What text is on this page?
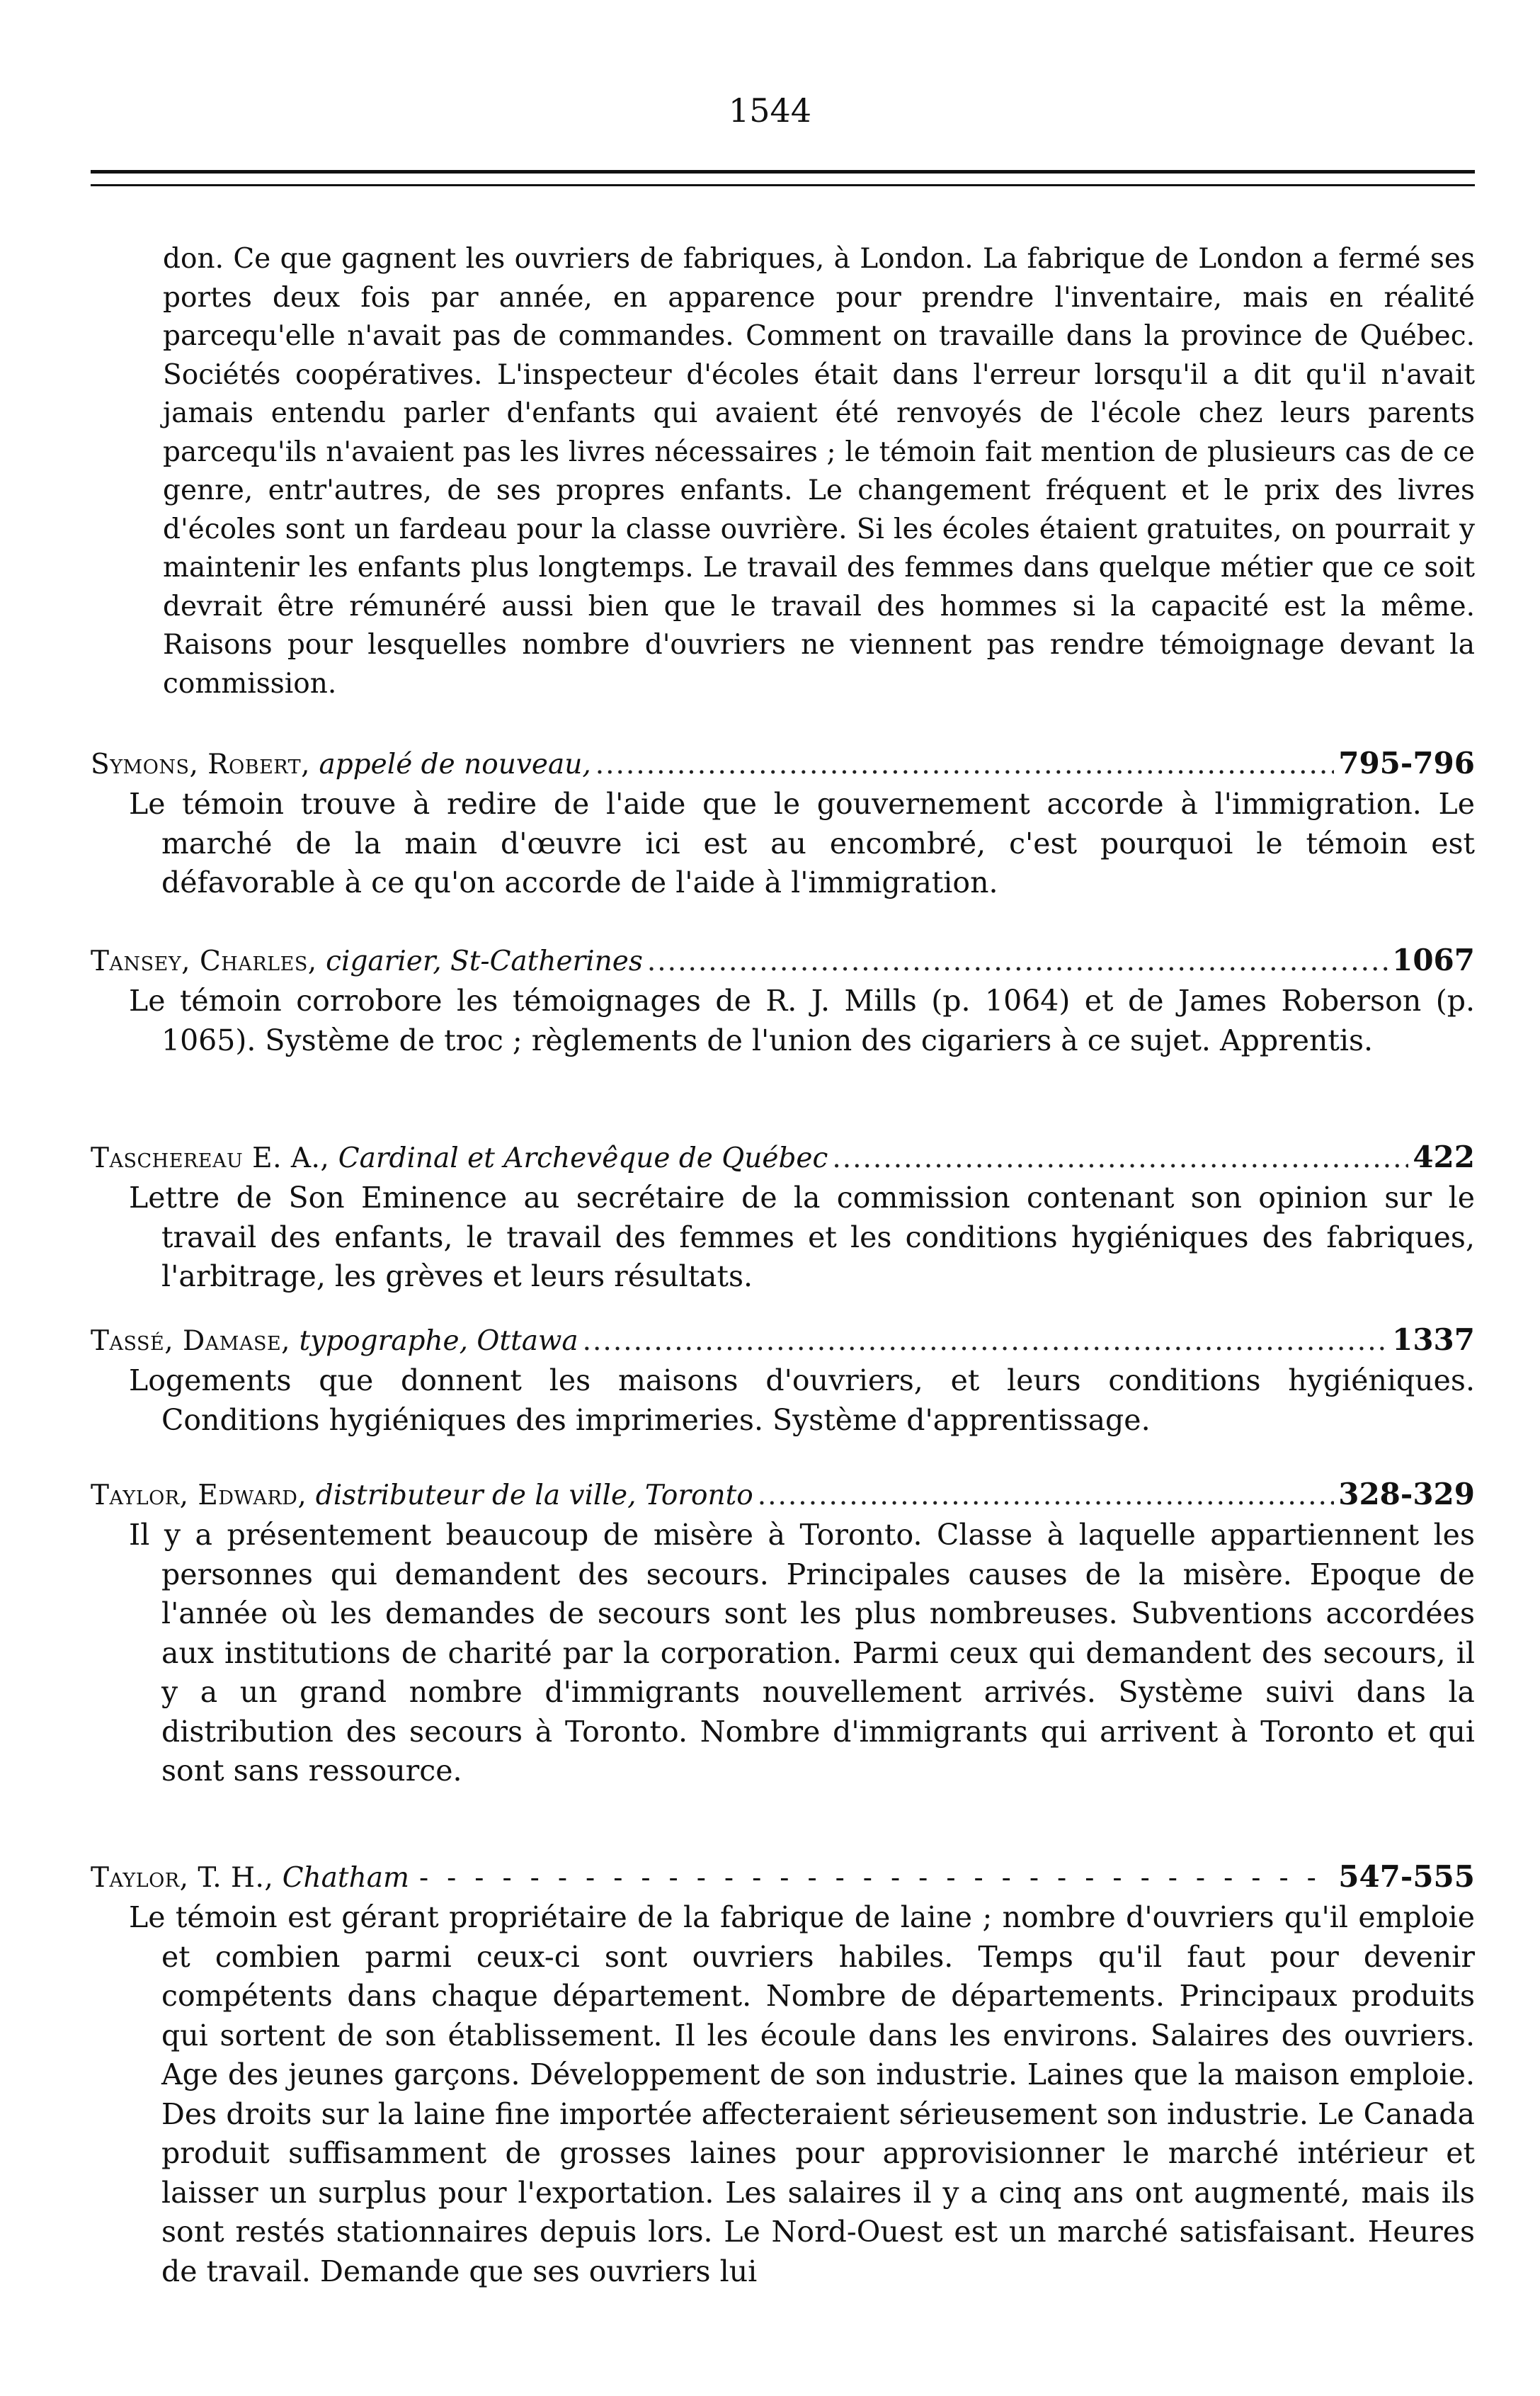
1544

don. Ce que gagnent les ouvriers de fabriques, à London. La fabrique de London a fermé ses portes deux fois par année, en apparence pour prendre l'inventaire, mais en réalité parcequ'elle n'avait pas de commandes. Comment on travaille dans la province de Québec. Sociétés coopératives. L'inspecteur d'écoles était dans l'erreur lorsqu'il a dit qu'il n'avait jamais entendu parler d'enfants qui avaient été renvoyés de l'école chez leurs parents parcequ'ils n'avaient pas les livres nécessaires ; le témoin fait mention de plusieurs cas de ce genre, entr'autres, de ses propres enfants. Le changement fréquent et le prix des livres d'écoles sont un fardeau pour la classe ouvrière. Si les écoles étaient gratuites, on pourrait y maintenir les enfants plus longtemps. Le travail des femmes dans quelque métier que ce soit devrait être rémunéré aussi bien que le travail des hommes si la capacité est la même. Raisons pour lesquelles nombre d'ouvriers ne viennent pas rendre témoignage devant la commission.

Symons, Robert,
appelé de nouveau, .....	795-796
Le témoin trouve à redire de l'aide que le gouvernement accorde à l'immigration. Le marché de la main d'œuvre ici est au encombré, c'est pourquoi le témoin est défavorable à ce qu'on accorde de l'aide à l'immigration.
Tansey, Charles,
cigarier, St-Catherines .....	1067
Le témoin corrobore les témoignages de R. J. Mills (p. 1064) et de James Roberson (p. 1065). Système de troc ; règlements de l'union des cigariers à ce sujet. Apprentis.
Taschereau E. A.,
Cardinal et Archevêque de Québec .....	422
Lettre de Son Eminence au secrétaire de la commission contenant son opinion sur le travail des enfants, le travail des femmes et les conditions hygiéniques des fabriques, l'arbitrage, les grèves et leurs résultats.
Tassé, Damase,
typographe, Ottawa .....	1337
Logements que donnent les maisons d'ouvriers, et leurs conditions hygiéniques. Conditions hygiéniques des imprimeries. Système d'apprentissage.
Taylor, Edward,
distributeur de la ville, Toronto .....	328-329
Il y a présentement beaucoup de misère à Toronto. Classe à laquelle appartiennent les personnes qui demandent des secours. Principales causes de la misère. Epoque de l'année où les demandes de secours sont les plus nombreuses. Subventions accordées aux institutions de charité par la corporation. Parmi ceux qui demandent des secours, il y a un grand nombre d'immigrants nouvellement arrivés. Système suivi dans la distribution des secours à Toronto. Nombre d'immigrants qui arrivent à Toronto et qui sont sans ressource.
Taylor, T. H.,
Chatham -----	547-555
Le témoin est gérant propriétaire de la fabrique de laine ; nombre d'ouvriers qu'il emploie et combien parmi ceux-ci sont ouvriers habiles. Temps qu'il faut pour devenir compétents dans chaque département. Nombre de départements. Principaux produits qui sortent de son établissement. Il les écoule dans les environs. Salaires des ouvriers. Age des jeunes garçons. Développement de son industrie. Laines que la maison emploie. Des droits sur la laine fine importée affecteraient sérieusement son industrie. Le Canada produit suffisamment de grosses laines pour approvisionner le marché intérieur et laisser un surplus pour l'exportation. Les salaires il y a cinq ans ont augmenté, mais ils sont restés stationnaires depuis lors. Le Nord-Ouest est un marché satisfaisant. Heures de travail. Demande que ses ouvriers lui
